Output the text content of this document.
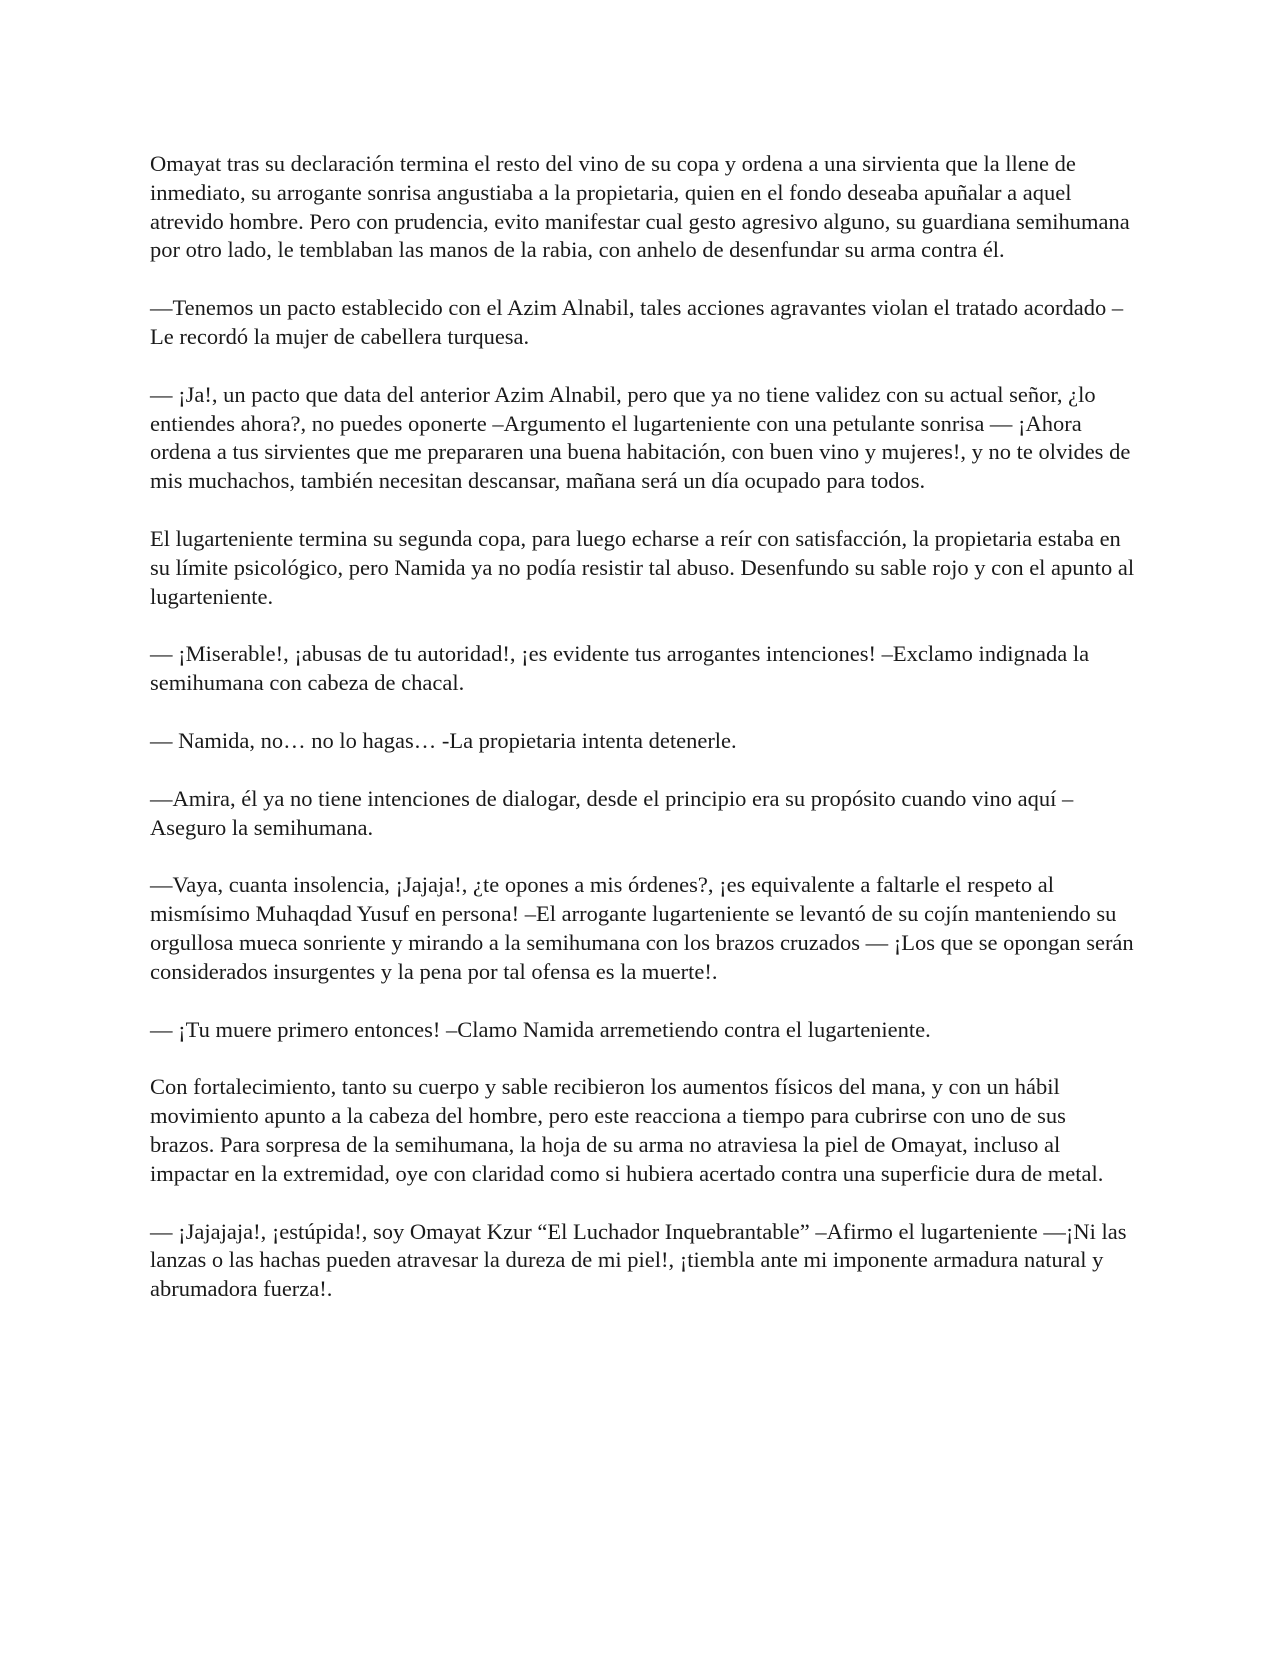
Omayat tras su declaración termina el resto del vino de su copa y ordena a una sirvienta que la llene de inmediato, su arrogante sonrisa angustiaba a la propietaria, quien en el fondo deseaba apuñalar a aquel atrevido hombre. Pero con prudencia, evito manifestar cual gesto agresivo alguno, su guardiana semihumana por otro lado, le temblaban las manos de la rabia, con anhelo de desenfundar su arma contra él.

—Tenemos un pacto establecido con el Azim Alnabil, tales acciones agravantes violan el tratado acordado –Le recordó la mujer de cabellera turquesa.

— ¡Ja!, un pacto que data del anterior Azim Alnabil, pero que ya no tiene validez con su actual señor, ¿lo entiendes ahora?, no puedes oponerte –Argumento el lugarteniente con una petulante sonrisa — ¡Ahora ordena a tus sirvientes que me prepararen una buena habitación, con buen vino y mujeres!, y no te olvides de mis muchachos, también necesitan descansar, mañana será un día ocupado para todos.

El lugarteniente termina su segunda copa, para luego echarse a reír con satisfacción, la propietaria estaba en su límite psicológico, pero Namida ya no podía resistir tal abuso. Desenfundo su sable rojo y con el apunto al lugarteniente.

— ¡Miserable!, ¡abusas de tu autoridad!, ¡es evidente tus arrogantes intenciones! –Exclamo indignada la semihumana con cabeza de chacal.

— Namida, no… no lo hagas… -La propietaria intenta detenerle.

—Amira, él ya no tiene intenciones de dialogar, desde el principio era su propósito cuando vino aquí –Aseguro la semihumana.

—Vaya, cuanta insolencia, ¡Jajaja!, ¿te opones a mis órdenes?, ¡es equivalente a faltarle el respeto al mismísimo Muhaqdad Yusuf en persona! –El arrogante lugarteniente se levantó de su cojín manteniendo su orgullosa mueca sonriente y mirando a la semihumana con los brazos cruzados — ¡Los que se opongan serán considerados insurgentes y la pena por tal ofensa es la muerte!.

— ¡Tu muere primero entonces! –Clamo Namida arremetiendo contra el lugarteniente.

Con fortalecimiento, tanto su cuerpo y sable recibieron los aumentos físicos del mana, y con un hábil movimiento apunto a la cabeza del hombre, pero este reacciona a tiempo para cubrirse con uno de sus brazos. Para sorpresa de la semihumana, la hoja de su arma no atraviesa la piel de Omayat, incluso al impactar en la extremidad, oye con claridad como si hubiera acertado contra una superficie dura de metal.

— ¡Jajajaja!, ¡estúpida!, soy Omayat Kzur “El Luchador Inquebrantable” –Afirmo el lugarteniente —¡Ni las lanzas o las hachas pueden atravesar la dureza de mi piel!, ¡tiembla ante mi imponente armadura natural y abrumadora fuerza!.
